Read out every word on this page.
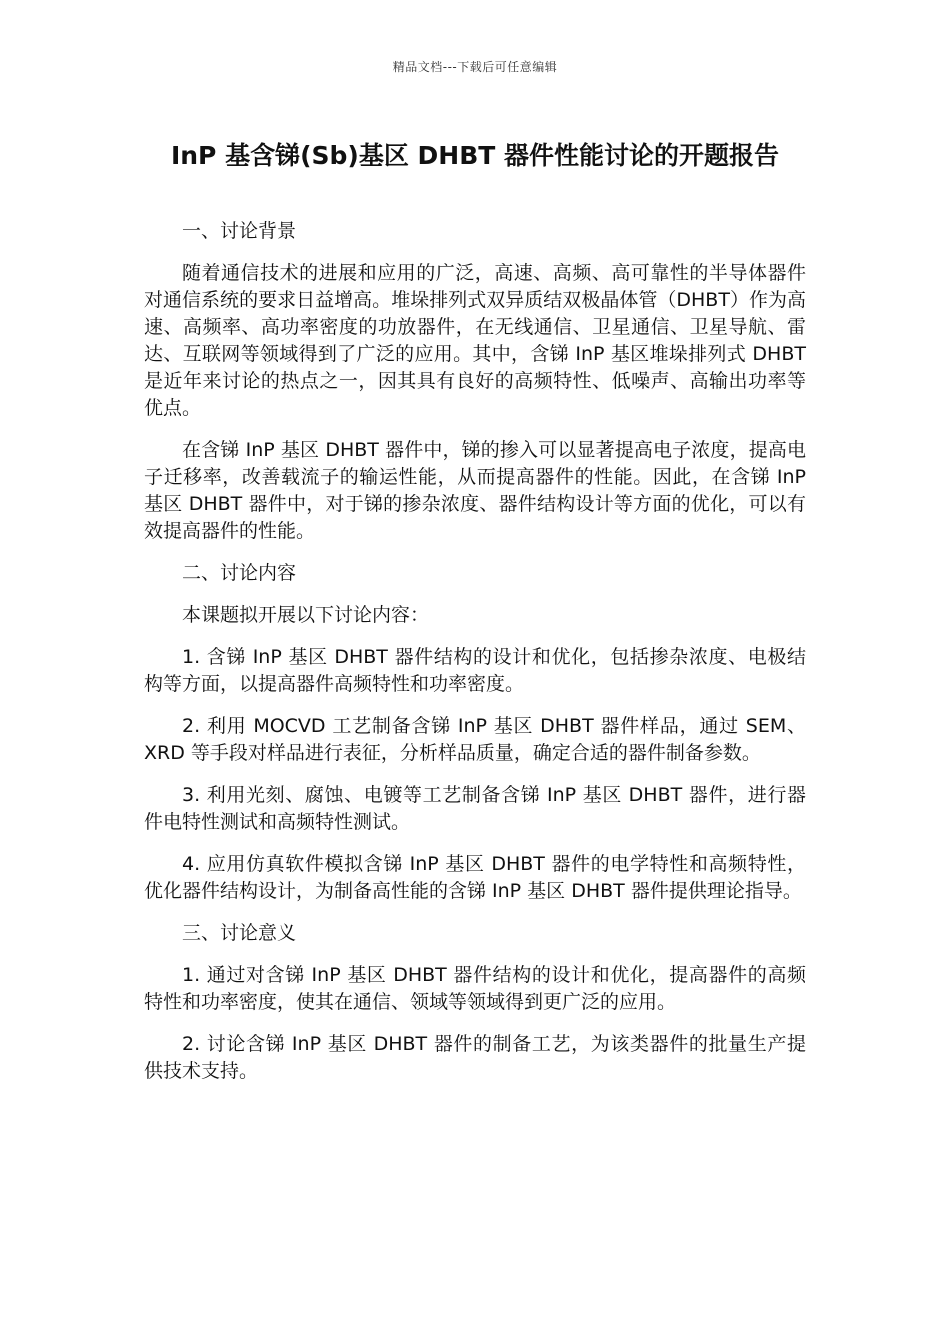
精品文档---下载后可任意编辑
InP 基含锑(Sb)基区 DHBT 器件性能讨论的开题报告

一、讨论背景

随着通信技术的进展和应用的广泛，高速、高频、高可靠性的半导体器件对通信系统的要求日益增高。堆垛排列式双异质结双极晶体管（DHBT）作为高速、高频率、高功率密度的功放器件，在无线通信、卫星通信、卫星导航、雷达、互联网等领域得到了广泛的应用。其中，含锑 InP 基区堆垛排列式 DHBT 是近年来讨论的热点之一，因其具有良好的高频特性、低噪声、高输出功率等优点。

在含锑 InP 基区 DHBT 器件中，锑的掺入可以显著提高电子浓度，提高电子迁移率，改善载流子的输运性能，从而提高器件的性能。因此，在含锑 InP 基区 DHBT 器件中，对于锑的掺杂浓度、器件结构设计等方面的优化，可以有效提高器件的性能。

二、讨论内容

本课题拟开展以下讨论内容：

1. 含锑 InP 基区 DHBT 器件结构的设计和优化，包括掺杂浓度、电极结构等方面，以提高器件高频特性和功率密度。

2. 利用 MOCVD 工艺制备含锑 InP 基区 DHBT 器件样品，通过 SEM、XRD 等手段对样品进行表征，分析样品质量，确定合适的器件制备参数。

3. 利用光刻、腐蚀、电镀等工艺制备含锑 InP 基区 DHBT 器件，进行器件电特性测试和高频特性测试。

4. 应用仿真软件模拟含锑 InP 基区 DHBT 器件的电学特性和高频特性，优化器件结构设计，为制备高性能的含锑 InP 基区 DHBT 器件提供理论指导。

三、讨论意义

1. 通过对含锑 InP 基区 DHBT 器件结构的设计和优化，提高器件的高频特性和功率密度，使其在通信、领域等领域得到更广泛的应用。

2. 讨论含锑 InP 基区 DHBT 器件的制备工艺，为该类器件的批量生产提供技术支持。
